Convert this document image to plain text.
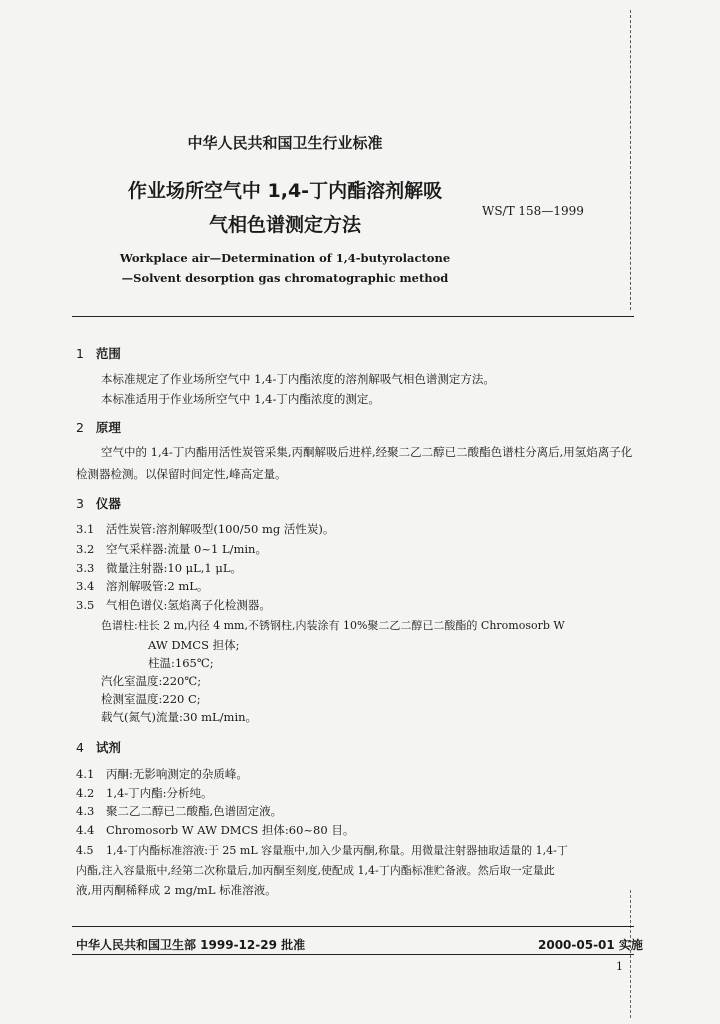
中华人民共和国卫生行业标准
作业场所空气中 1,4-丁内酯溶剂解吸
气相色谱测定方法
WS/T 158—1999
Workplace air—Determination of 1,4-butyrolactone
—Solvent desorption gas chromatographic method
1 范围
本标准规定了作业场所空气中 1,4-丁内酯浓度的溶剂解吸气相色谱测定方法。
本标准适用于作业场所空气中 1,4-丁内酯浓度的测定。
2 原理
空气中的 1,4-丁内酯用活性炭管采集,丙酮解吸后进样,经聚二乙二醇已二酸酯色谱柱分离后,用氢焰离子化检测器检测。以保留时间定性,峰高定量。
3 仪器
3.1 活性炭管:溶剂解吸型(100/50 mg 活性炭)。
3.2 空气采样器:流量 0~1 L/min。
3.3 微量注射器:10 μL,1 μL。
3.4 溶剂解吸管:2 mL。
3.5 气相色谱仪:氢焰离子化检测器。
色谱柱:柱长 2 m,内径 4 mm,不锈钢柱,内装涂有 10%聚二乙二醇已二酸酯的 Chromosorb W
AW DMCS 担体;
柱温:165℃;
汽化室温度:220℃;
检测室温度:220 C;
载气(氮气)流量:30 mL/min。
4 试剂
4.1 丙酮:无影响测定的杂质峰。
4.2 1,4-丁内酯:分析纯。
4.3 聚二乙二醇已二酸酯,色谱固定液。
4.4 Chromosorb W AW DMCS 担体:60~80 目。
4.5 1,4-丁内酯标准溶液:于 25 mL 容量瓶中,加入少量丙酮,称量。用微量注射器抽取适量的 1,4-丁
内酯,注入容量瓶中,经第二次称量后,加丙酮至刻度,使配成 1,4-丁内酯标准贮备液。然后取一定量此
液,用丙酮稀释成 2 mg/mL 标准溶液。
中华人民共和国卫生部 1999-12-29 批准	2000-05-01 实施
1
